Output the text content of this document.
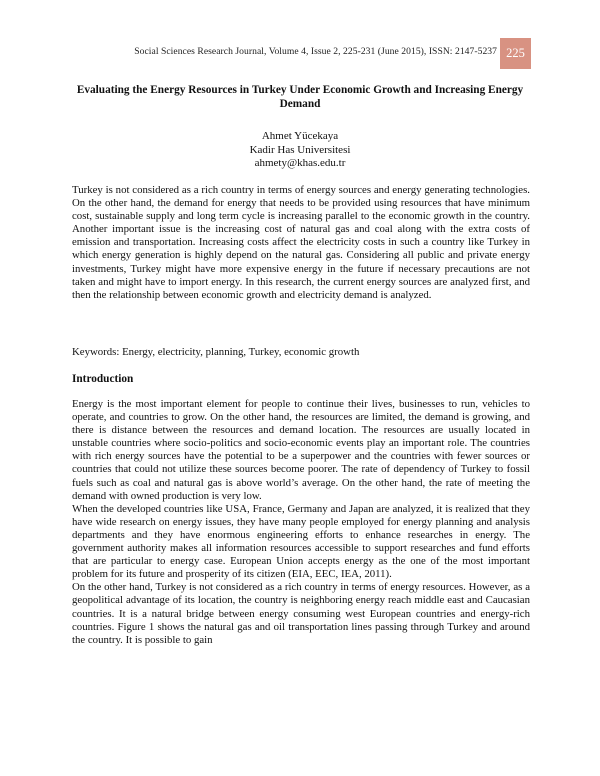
Social Sciences Research Journal, Volume 4, Issue 2, 225-231 (June 2015), ISSN: 2147-5237 225
Evaluating the Energy Resources in Turkey Under Economic Growth and Increasing Energy Demand
Ahmet Yücekaya
Kadir Has Universitesi
ahmety@khas.edu.tr

Turkey is not considered as a rich country in terms of energy sources and energy generating technologies. On the other hand, the demand for energy that needs to be provided using resources that have minimum cost, sustainable supply and long term cycle is increasing parallel to the economic growth in the country. Another important issue is the increasing cost of natural gas and coal along with the extra costs of emission and transportation. Increasing costs affect the electricity costs in such a country like Turkey in which energy generation is highly depend on the natural gas. Considering all public and private energy investments, Turkey might have more expensive energy in the future if necessary precautions are not taken and might have to import energy. In this research, the current energy sources are analyzed first, and then the relationship between economic growth and electricity demand is analyzed.

Keywords: Energy, electricity, planning, Turkey, economic growth

Introduction

Energy is the most important element for people to continue their lives, businesses to run, vehicles to operate, and countries to grow. On the other hand, the resources are limited, the demand is growing, and there is distance between the resources and demand location. The resources are usually located in unstable countries where socio-politics and socio-economic events play an important role. The countries with rich energy sources have the potential to be a superpower and the countries with fewer sources or countries that could not utilize these sources become poorer. The rate of dependency of Turkey to fossil fuels such as coal and natural gas is above world’s average. On the other hand, the rate of meeting the demand with owned production is very low.

When the developed countries like USA, France, Germany and Japan are analyzed, it is realized that they have wide research on energy issues, they have many people employed for energy planning and analysis departments and they have enormous engineering efforts to enhance researches in energy. The government authority makes all information resources accessible to support researches and fund efforts that are particular to energy case. European Union accepts energy as the one of the most important problem for its future and prosperity of its citizen (EIA, EEC, IEA, 2011).

On the other hand, Turkey is not considered as a rich country in terms of energy resources. However, as a geopolitical advantage of its location, the country is neighboring energy reach middle east and Caucasian countries. It is a natural bridge between energy consuming west European countries and energy-rich countries. Figure 1 shows the natural gas and oil transportation lines passing through Turkey and around the country. It is possible to gain
